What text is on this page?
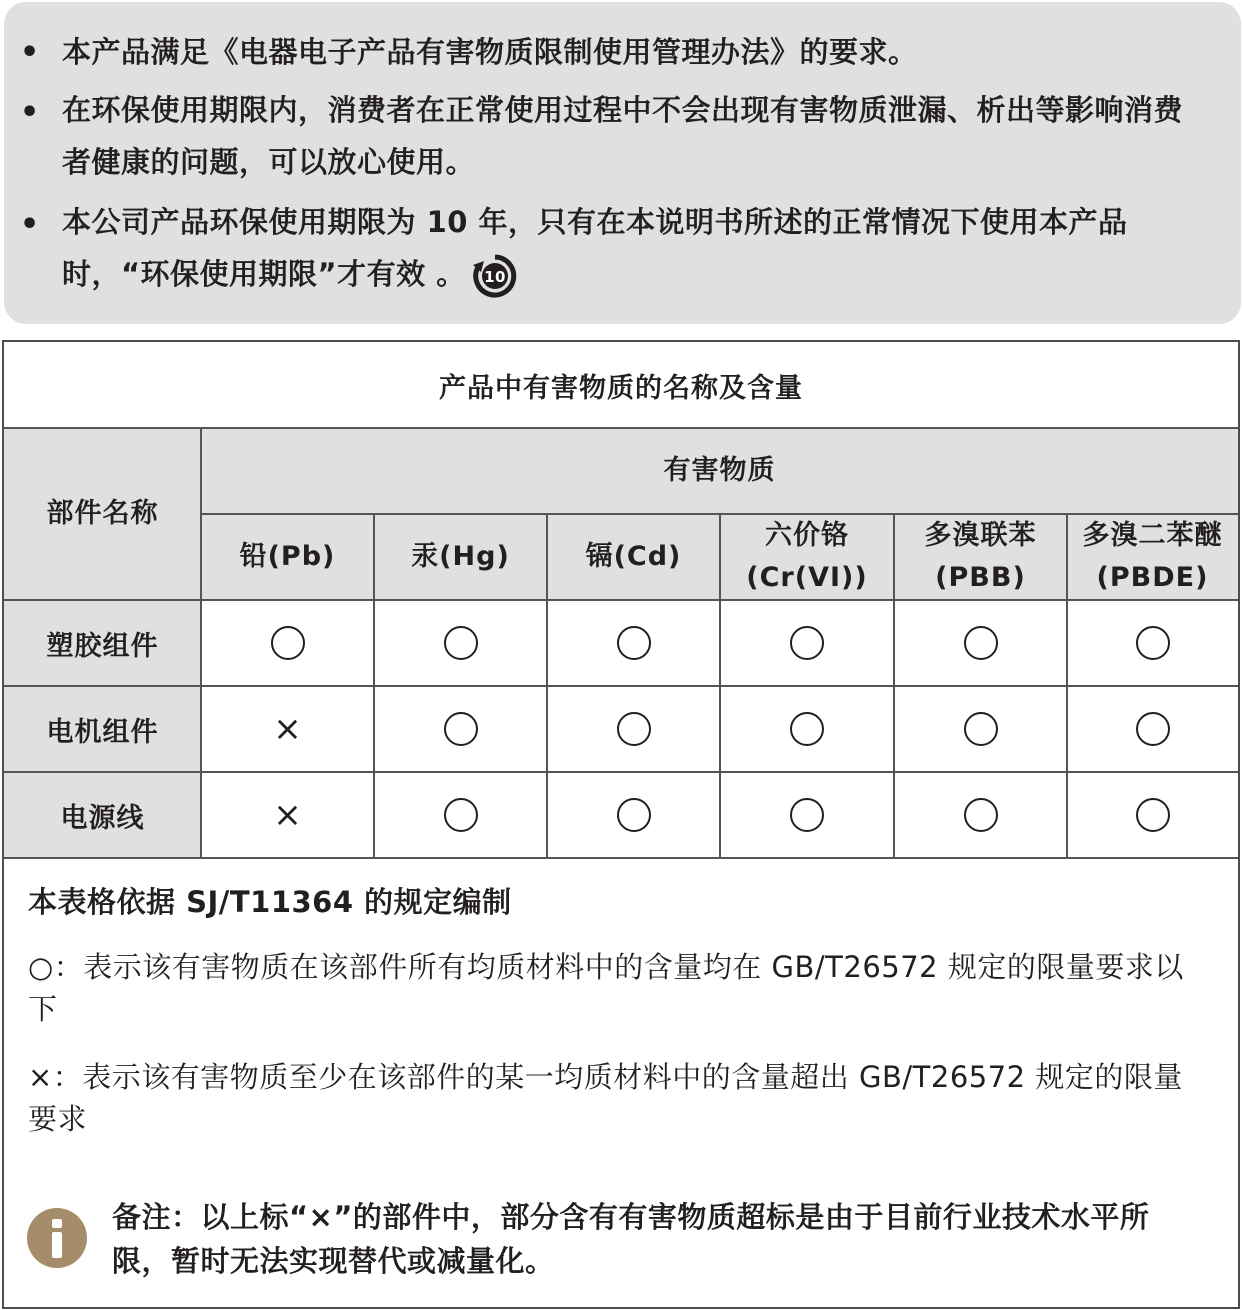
• 本产品满足《电器电子产品有害物质限制使用管理办法》的要求。
• 在环保使用期限内，消费者在正常使用过程中不会出现有害物质泄漏、析出等影响消费者健康的问题，可以放心使用。
• 本公司产品环保使用期限为 10 年，只有在本说明书所述的正常情况下使用本产品时，“环保使用期限”才有效 。 10
产品中有害物质的名称及含量
部件名称
有害物质
铅(Pb)	汞(Hg)	镉(Cd)
六价铬
(Cr(VI))
多溴联苯
(PBB)
多溴二苯醚
(PBDE)
塑胶组件
电机组件
电源线
×
×
本表格依据 SJ/T11364 的规定编制
○：表示该有害物质在该部件所有均质材料中的含量均在 GB/T26572 规定的限量要求以下
×：表示该有害物质至少在该部件的某一均质材料中的含量超出 GB/T26572 规定的限量要求
备注：以上标“×”的部件中，部分含有有害物质超标是由于目前行业技术水平所限，暂时无法实现替代或减量化。
